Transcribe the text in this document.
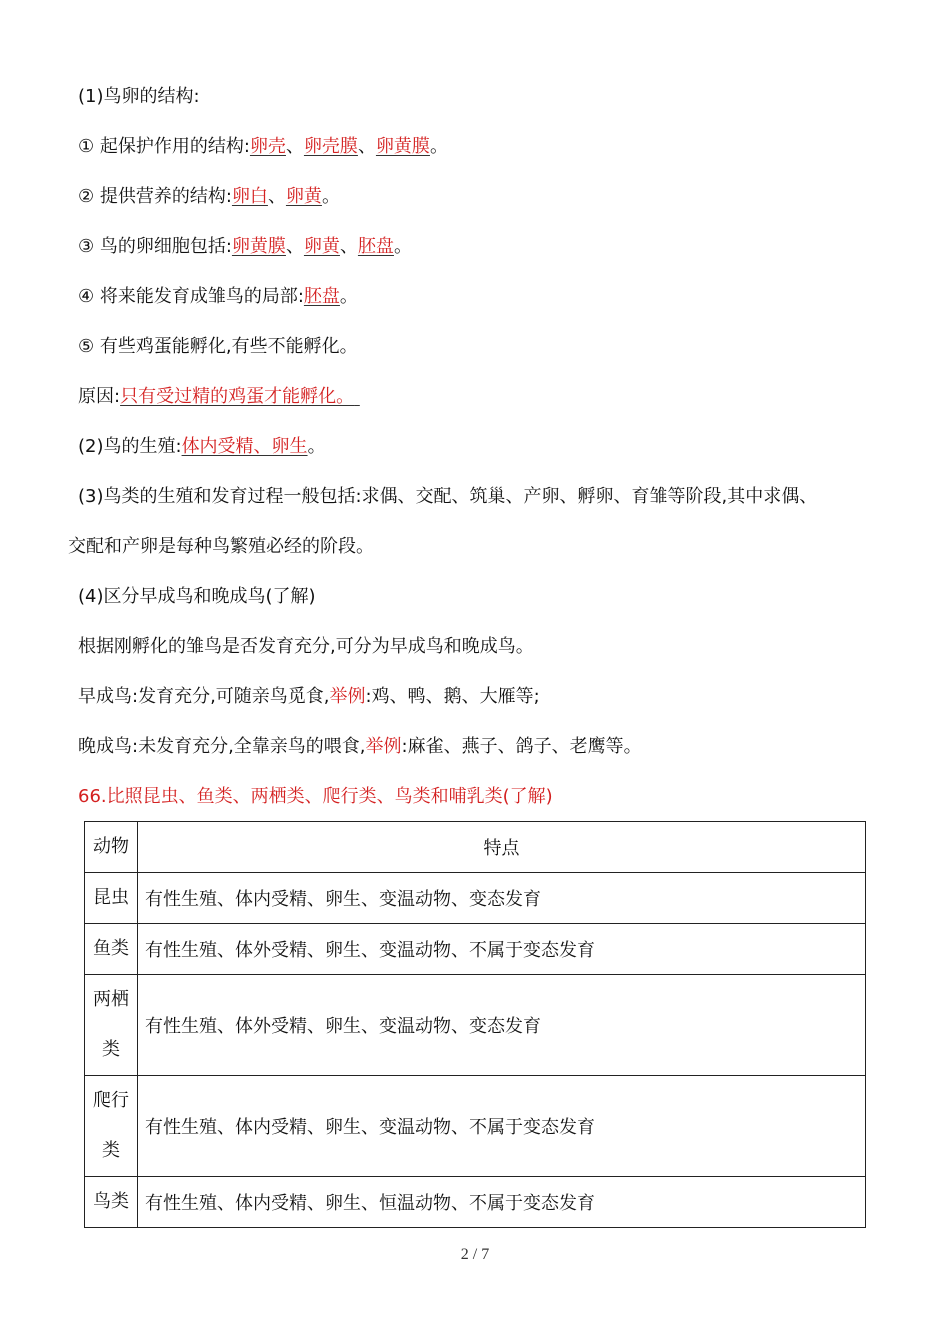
(1)鸟卵的结构:
① 起保护作用的结构:卵壳、卵壳膜、卵黄膜。
② 提供营养的结构:卵白、卵黄。
③ 鸟的卵细胞包括:卵黄膜、卵黄、胚盘。
④ 将来能发育成雏鸟的局部:胚盘。
⑤ 有些鸡蛋能孵化,有些不能孵化。
原因:只有受过精的鸡蛋才能孵化。
(2)鸟的生殖:体内受精、卵生。
(3)鸟类的生殖和发育过程一般包括:求偶、交配、筑巢、产卵、孵卵、育雏等阶段,其中求偶、
交配和产卵是每种鸟繁殖必经的阶段。
(4)区分早成鸟和晚成鸟(了解)
根据刚孵化的雏鸟是否发育充分,可分为早成鸟和晚成鸟。
早成鸟:发育充分,可随亲鸟觅食,举例:鸡、鸭、鹅、大雁等;
晚成鸟:未发育充分,全靠亲鸟的喂食,举例:麻雀、燕子、鸽子、老鹰等。
66.比照昆虫、鱼类、两栖类、爬行类、鸟类和哺乳类(了解)
动物	特点
昆虫	有性生殖、体内受精、卵生、变温动物、变态发育
鱼类	有性生殖、体外受精、卵生、变温动物、不属于变态发育
两栖类	有性生殖、体外受精、卵生、变温动物、变态发育
爬行类	有性生殖、体内受精、卵生、变温动物、不属于变态发育
鸟类	有性生殖、体内受精、卵生、恒温动物、不属于变态发育
2 / 7
